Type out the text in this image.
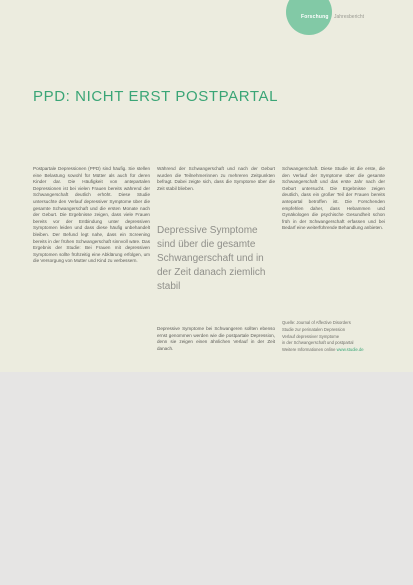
Forschung Jahresbericht
PPD: NICHT ERST POSTPARTAL

Postpartale Depressionen (PPD) sind häufig. Sie stellen eine Belastung sowohl für Mütter als auch für deren Kinder dar. Die Häufigkeit von antepartalen Depressionen ist bei vielen Frauen bereits während der Schwangerschaft deutlich erhöht. Diese Studie untersuchte den Verlauf depressiver Symptome über die gesamte Schwangerschaft und die ersten Monate nach der Geburt. Die Ergebnisse zeigen, dass viele Frauen bereits vor der Entbindung unter depressiven Symptomen leiden und dass diese häufig unbehandelt bleiben. Der Befund legt nahe, dass ein Screening bereits in der frühen Schwangerschaft sinnvoll wäre. Das Ergebnis der Studie: Bei Frauen mit depressiven Symptomen sollte frühzeitig eine Abklärung erfolgen, um die Versorgung von Mutter und Kind zu verbessern.

Während der Schwangerschaft und nach der Geburt wurden die Teilnehmerinnen zu mehreren Zeitpunkten befragt. Dabei zeigte sich, dass die Symptome über die Zeit stabil blieben.

Depressive Symptome sind über die gesamte Schwangerschaft und in der Zeit danach ziemlich stabil
Depressive Symptome bei Schwangeren sollten ebenso ernst genommen werden wie die postpartale Depression, denn sie zeigen einen ähnlichen Verlauf in der Zeit danach.

Schwangerschaft. Diese Studie ist die erste, die den Verlauf der Symptome über die gesamte Schwangerschaft und das erste Jahr nach der Geburt untersucht. Die Ergebnisse zeigen deutlich, dass ein großer Teil der Frauen bereits antepartal betroffen ist. Die Forschenden empfehlen daher, dass Hebammen und Gynäkologen die psychische Gesundheit schon früh in der Schwangerschaft erfassen und bei Bedarf eine weiterführende Behandlung anbieten.

Quelle: Journal of Affective Disorders
Studie zur perinatalen Depression
Verlauf depressiver Symptome
in der Schwangerschaft und postpartal
Weitere Informationen online www.studie.de
